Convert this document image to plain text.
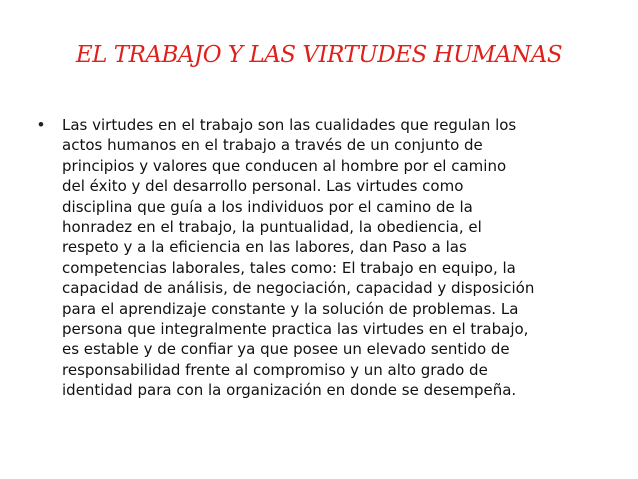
EL TRABAJO Y LAS VIRTUDES HUMANAS
• Las virtudes en el trabajo son las cualidades que regulan los
actos humanos en el trabajo a través de un conjunto de
principios y valores que conducen al hombre por el camino
del éxito y del desarrollo personal. Las virtudes como
disciplina que guía a los individuos por el camino de la
honradez en el trabajo, la puntualidad, la obediencia, el
respeto y a la eficiencia en las labores, dan Paso a las
competencias laborales, tales como: El trabajo en equipo, la
capacidad de análisis, de negociación, capacidad y disposición
para el aprendizaje constante y la solución de problemas. La
persona que integralmente practica las virtudes en el trabajo,
es estable y de confiar ya que posee un elevado sentido de
responsabilidad frente al compromiso y un alto grado de
identidad para con la organización en donde se desempeña.
